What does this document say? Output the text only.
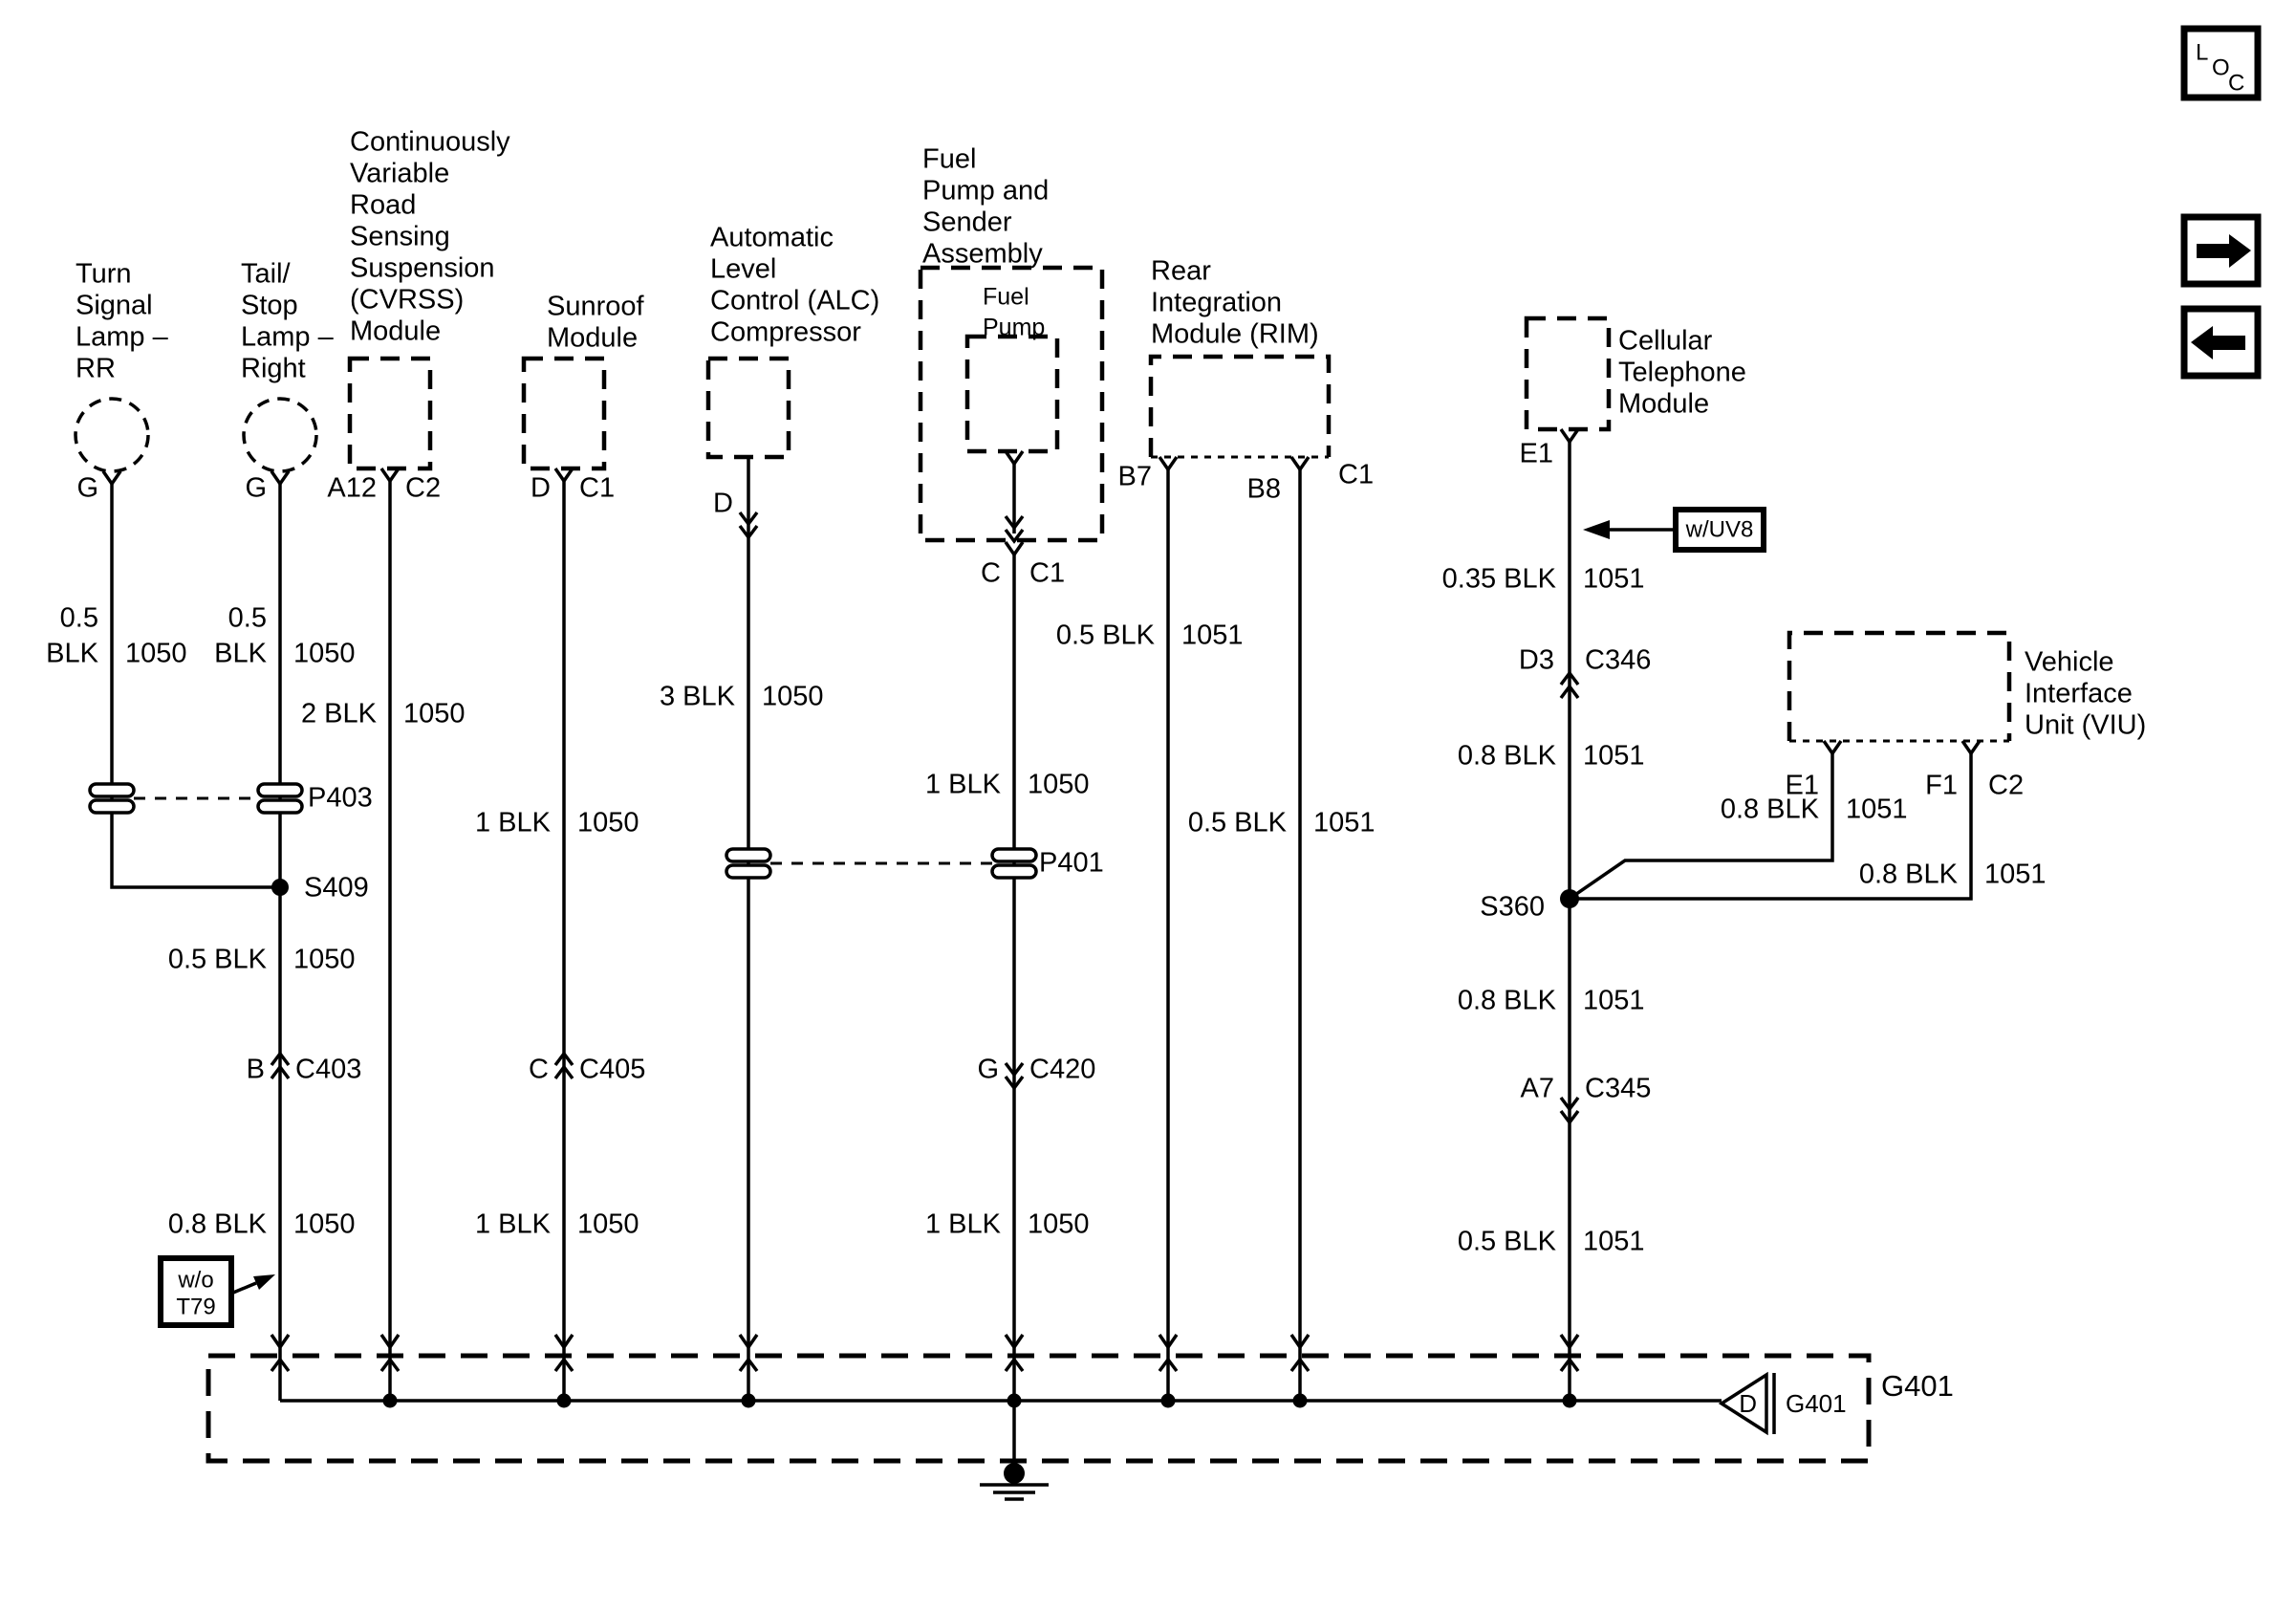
D G401
G401
w/o
T79
w/UV8
L
O
C
Turn
Signal
Lamp –
RR
Tail/
Stop
Lamp –
Right
Continuously
Variable
Road
Sensing
Suspension
(CVRSS)
Module
Sunroof
Module
Automatic
Level
Control (ALC)
Compressor
Fuel
Pump and
Sender
Assembly
Fuel
Pump
Rear
Integration
Module (RIM)	Cellular
Telephone
Module
Vehicle
Interface
Unit (VIU)
0.5
BLK 1050
0.5
BLK 1050
2 BLK 1050
1 BLK 1050
3 BLK 1050
1 BLK 1050
0.5 BLK 1051
0.5 BLK 1051
0.35 BLK 1051
0.8 BLK 1051
0.8 BLK 1051
0.8 BLK 1051
0.8 BLK 1051
0.5 BLK 1051
0.5 BLK 1050
0.8 BLK 1050	1 BLK 1050	1 BLK 1050
G	G A12 C2	D C1
C C1
B7	B8 C1
E1
E1	F1 C2
P403
S409
P401
S360
B C403	C C405	G C420
D3 C346
A7 C345
D
